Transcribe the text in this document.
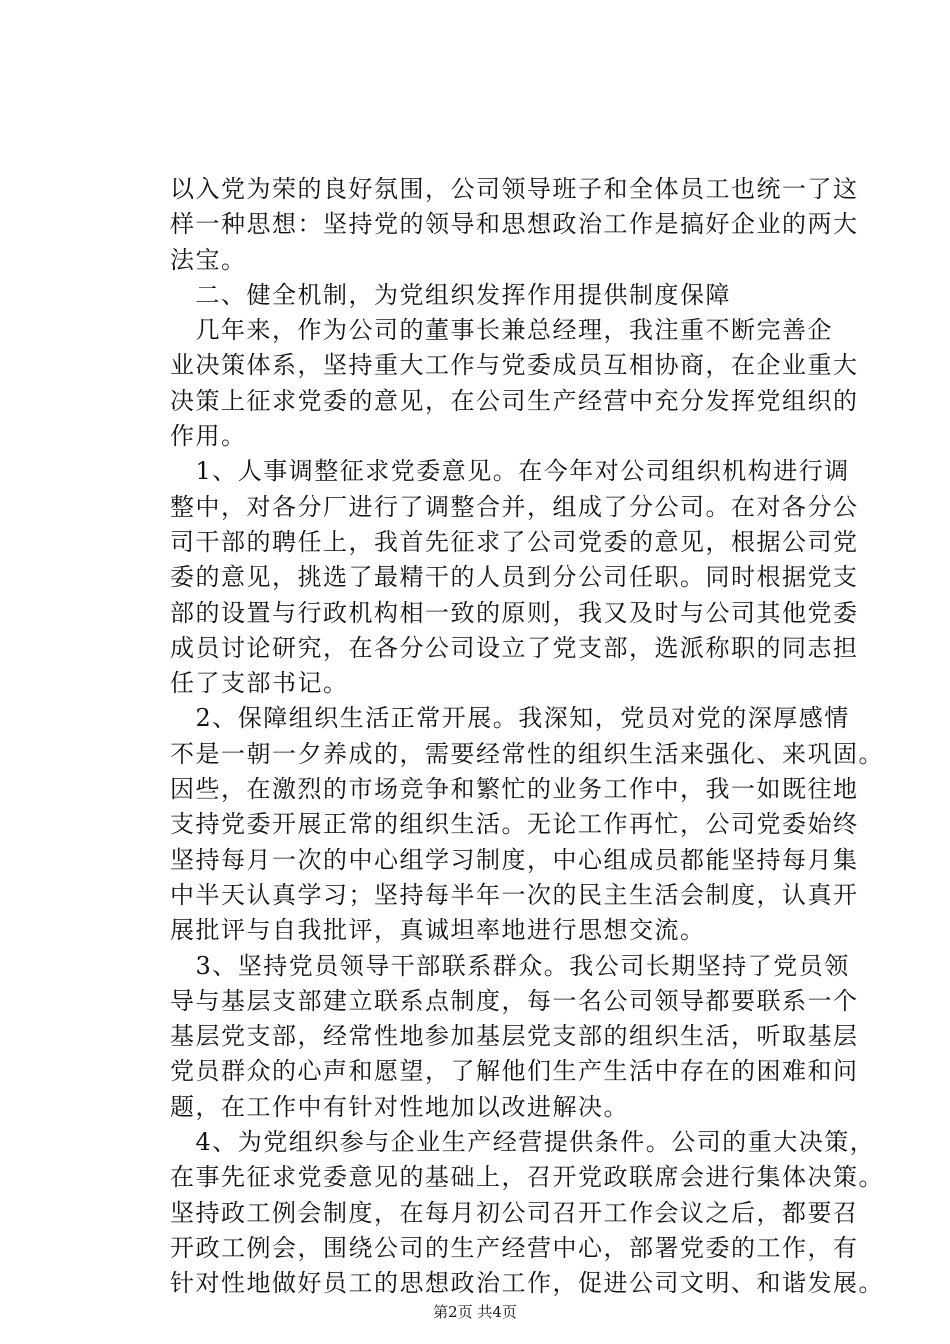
以入党为荣的良好氛围，公司领导班子和全体员工也统一了这
样一种思想：坚持党的领导和思想政治工作是搞好企业的两大
法宝。
　二、健全机制，为党组织发挥作用提供制度保障
　几年来，作为公司的董事长兼总经理，我注重不断完善企
业决策体系，坚持重大工作与党委成员互相协商，在企业重大
决策上征求党委的意见，在公司生产经营中充分发挥党组织的
作用。
　1、人事调整征求党委意见。在今年对公司组织机构进行调
整中，对各分厂进行了调整合并，组成了分公司。在对各分公
司干部的聘任上，我首先征求了公司党委的意见，根据公司党
委的意见，挑选了最精干的人员到分公司任职。同时根据党支
部的设置与行政机构相一致的原则，我又及时与公司其他党委
成员讨论研究，在各分公司设立了党支部，选派称职的同志担
任了支部书记。
　2、保障组织生活正常开展。我深知，党员对党的深厚感情
不是一朝一夕养成的，需要经常性的组织生活来强化、来巩固。
因些，在激烈的市场竞争和繁忙的业务工作中，我一如既往地
支持党委开展正常的组织生活。无论工作再忙，公司党委始终
坚持每月一次的中心组学习制度，中心组成员都能坚持每月集
中半天认真学习；坚持每半年一次的民主生活会制度，认真开
展批评与自我批评，真诚坦率地进行思想交流。
　3、坚持党员领导干部联系群众。我公司长期坚持了党员领
导与基层支部建立联系点制度，每一名公司领导都要联系一个
基层党支部，经常性地参加基层党支部的组织生活，听取基层
党员群众的心声和愿望，了解他们生产生活中存在的困难和问
题，在工作中有针对性地加以改进解决。
　4、为党组织参与企业生产经营提供条件。公司的重大决策，
在事先征求党委意见的基础上，召开党政联席会进行集体决策。
坚持政工例会制度，在每月初公司召开工作会议之后，都要召
开政工例会，围绕公司的生产经营中心，部署党委的工作，有
针对性地做好员工的思想政治工作，促进公司文明、和谐发展。
第2页 共4页
